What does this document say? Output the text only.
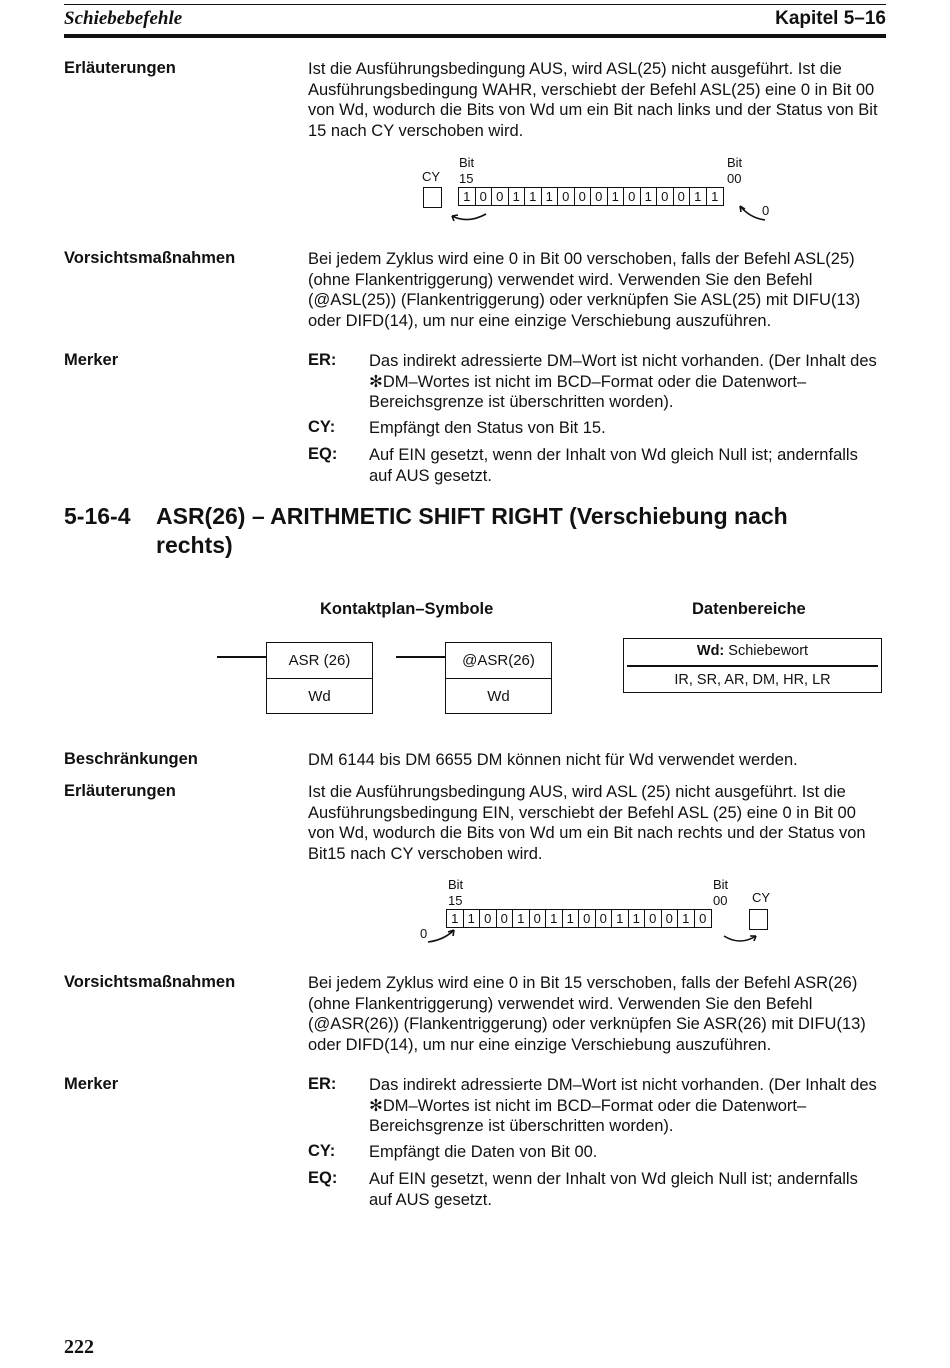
Schiebebefehle	Kapitel 5–16
Erläuterungen	Ist die Ausführungsbedingung AUS, wird ASL(25) nicht ausgeführt. Ist die Ausführungsbedingung WAHR, verschiebt der Befehl ASL(25) eine 0 in Bit 00 von Wd, wodurch die Bits von Wd um ein Bit nach links und der Status von Bit 15 nach CY verschoben wird.

CY
Bit
15
Bit
00
1 0 0 1 1 1 0 0 0 1 0 1 0 0 1 1
0
Vorsichtsmaßnahmen	Bei jedem Zyklus wird eine 0 in Bit 00 verschoben, falls der Befehl ASL(25) (ohne Flankentriggerung) verwendet wird. Verwenden Sie den Befehl (@ASL(25)) (Flankentriggerung) oder verknüpfen Sie ASL(25) mit DIFU(13) oder DIFD(14), um nur eine einzige Verschiebung auszuführen.

Merker	ER: Das indirekt adressierte DM–Wort ist nicht vorhanden. (Der Inhalt des ✻DM–Wortes ist nicht im BCD–Format oder die Datenwort–Bereichsgrenze ist überschritten worden).
CY: Empfängt den Status von Bit 15.
EQ: Auf EIN gesetzt, wenn der Inhalt von Wd gleich Null ist; andernfalls auf AUS gesetzt.
5-16-4 ASR(26) – ARITHMETIC SHIFT RIGHT (Verschiebung nach rechts)
Kontaktplan–Symbole
ASR (26)
Wd
@ASR(26)
Wd
Datenbereiche
Wd: Schiebewort
IR, SR, AR, DM, HR, LR
Beschränkungen	DM 6144 bis DM 6655 DM können nicht für Wd verwendet werden.

Erläuterungen	Ist die Ausführungsbedingung AUS, wird ASL (25) nicht ausgeführt. Ist die Ausführungsbedingung EIN, verschiebt der Befehl ASL (25) eine 0 in Bit 00 von Wd, wodurch die Bits von Wd um ein Bit nach rechts und der Status von Bit15 nach CY verschoben wird.

Bit
15
Bit
00 CY
1 1 0 0 1 0 1 1 0 0 1 1 0 0 1 0
0
Vorsichtsmaßnahmen	Bei jedem Zyklus wird eine 0 in Bit 15 verschoben, falls der Befehl ASR(26) (ohne Flankentriggerung) verwendet wird. Verwenden Sie den Befehl (@ASR(26)) (Flankentriggerung) oder verknüpfen Sie ASR(26) mit DIFU(13) oder DIFD(14), um nur eine einzige Verschiebung auszuführen.

Merker	ER: Das indirekt adressierte DM–Wort ist nicht vorhanden. (Der Inhalt des ✻DM–Wortes ist nicht im BCD–Format oder die Datenwort–Bereichsgrenze ist überschritten worden).
CY: Empfängt die Daten von Bit 00.
EQ: Auf EIN gesetzt, wenn der Inhalt von Wd gleich Null ist; andernfalls auf AUS gesetzt.
222
